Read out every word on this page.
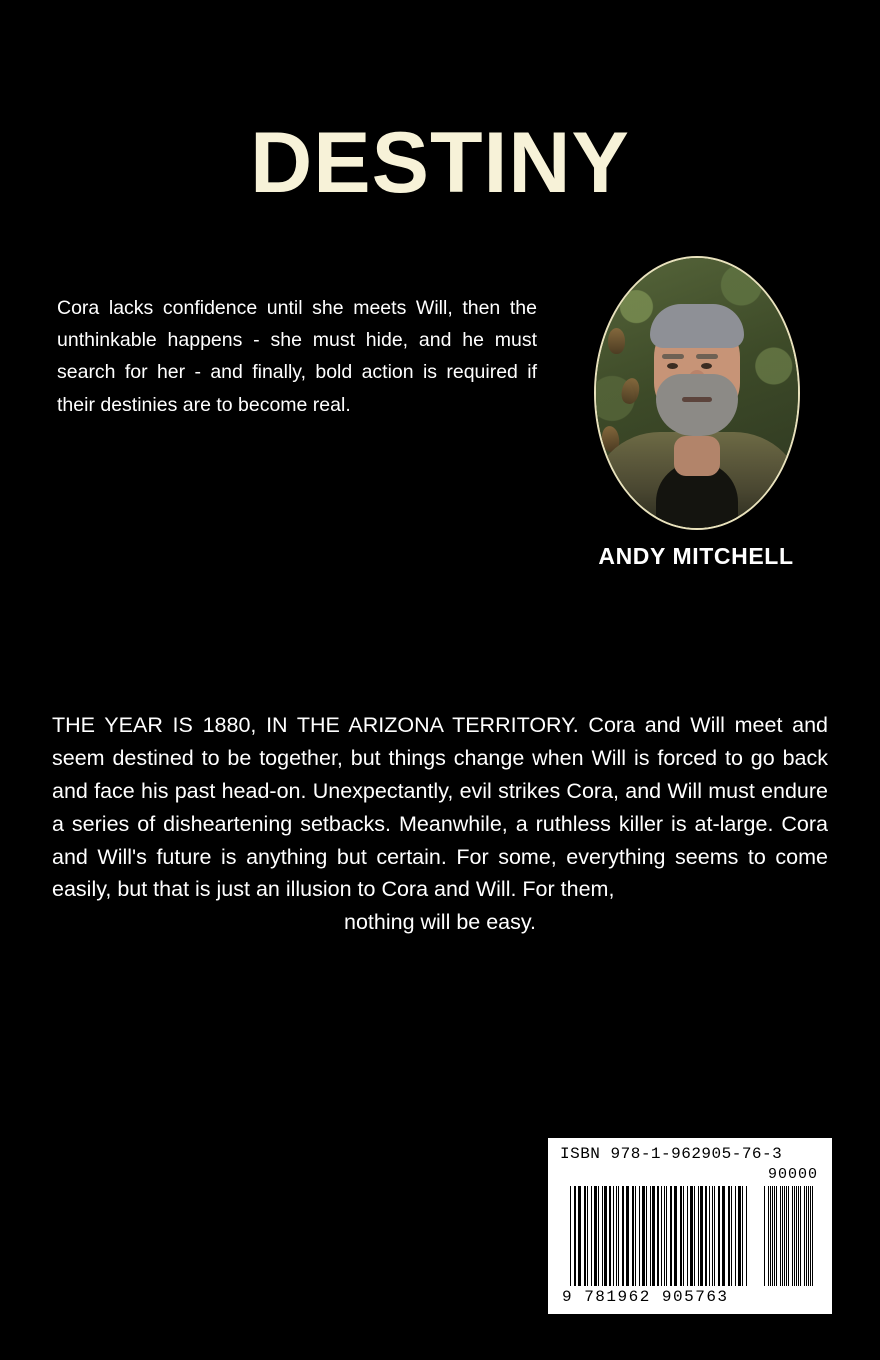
DESTINY
Cora lacks confidence until she meets Will, then the unthinkable happens - she must hide, and he must search for her - and finally, bold action is required if their destinies are to become real.
ANDY MITCHELL
THE YEAR IS 1880, IN THE ARIZONA TERRITORY. Cora and Will meet and seem destined to be together, but things change when Will is forced to go back and face his past head-on. Unexpectantly, evil strikes Cora, and Will must endure a series of disheartening setbacks. Meanwhile, a ruthless killer is at-large. Cora and Will's future is anything but certain. For some, everything seems to come easily, but that is just an illusion to Cora and Will. For them,
nothing will be easy.
ISBN 978-1-962905-76-3
90000
9 781962 905763
